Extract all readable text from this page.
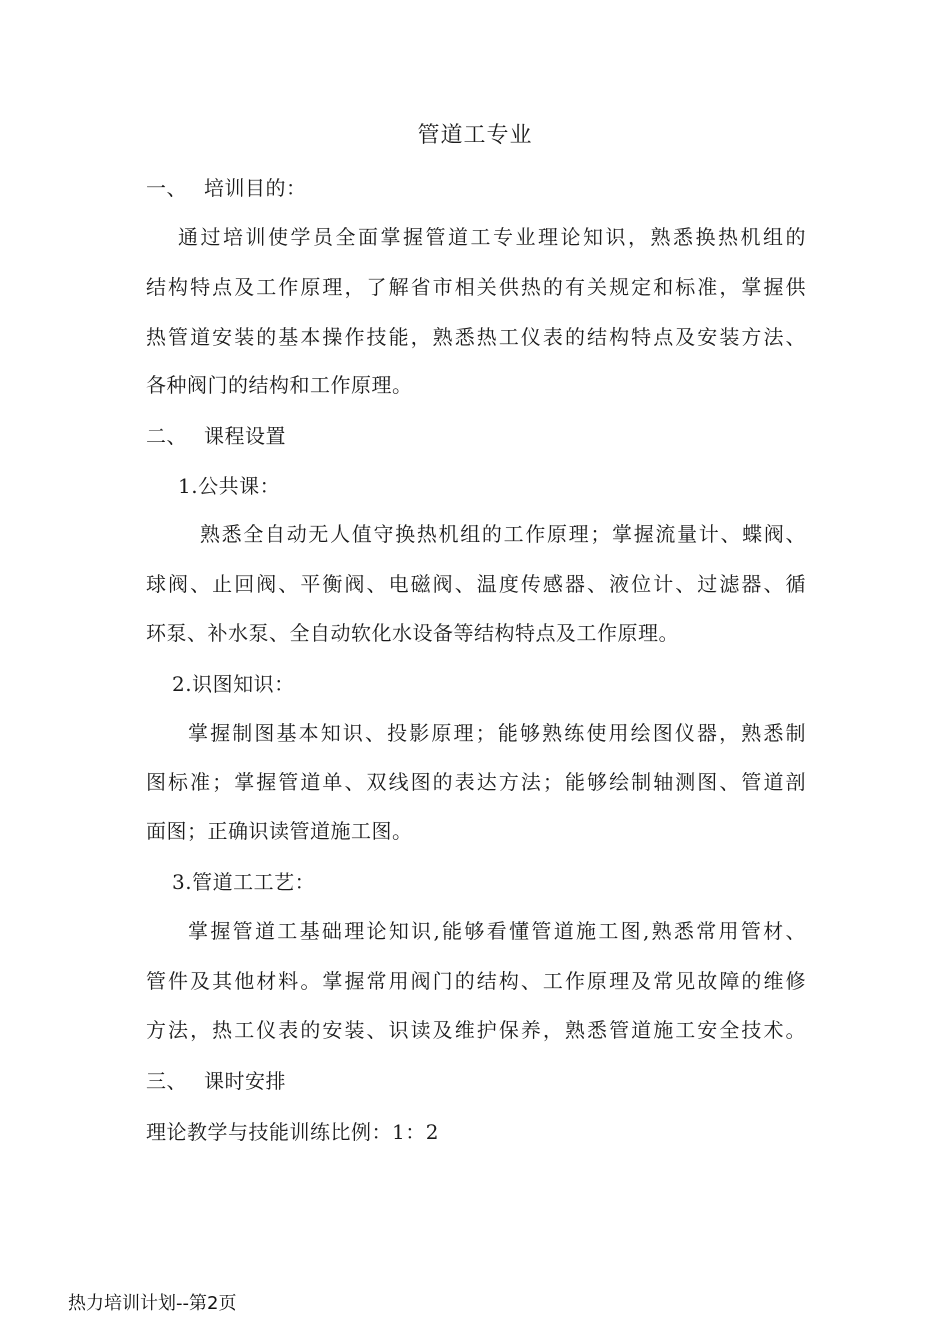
管道工专业
一、 培训目的：
通过培训使学员全面掌握管道工专业理论知识，熟悉换热机组的
结构特点及工作原理，了解省市相关供热的有关规定和标准，掌握供
热管道安装的基本操作技能，熟悉热工仪表的结构特点及安装方法、
各种阀门的结构和工作原理。
二、 课程设置
1.公共课：
熟悉全自动无人值守换热机组的工作原理；掌握流量计、蝶阀、
球阀、止回阀、平衡阀、电磁阀、温度传感器、液位计、过滤器、循
环泵、补水泵、全自动软化水设备等结构特点及工作原理。
2.识图知识：
掌握制图基本知识、投影原理；能够熟练使用绘图仪器，熟悉制
图标准；掌握管道单、双线图的表达方法；能够绘制轴测图、管道剖
面图；正确识读管道施工图。
3.管道工工艺：
掌握管道工基础理论知识,能够看懂管道施工图,熟悉常用管材、
管件及其他材料。掌握常用阀门的结构、工作原理及常见故障的维修
方法，热工仪表的安装、识读及维护保养，熟悉管道施工安全技术。
三、 课时安排
理论教学与技能训练比例：1：2
热力培训计划--第2页
